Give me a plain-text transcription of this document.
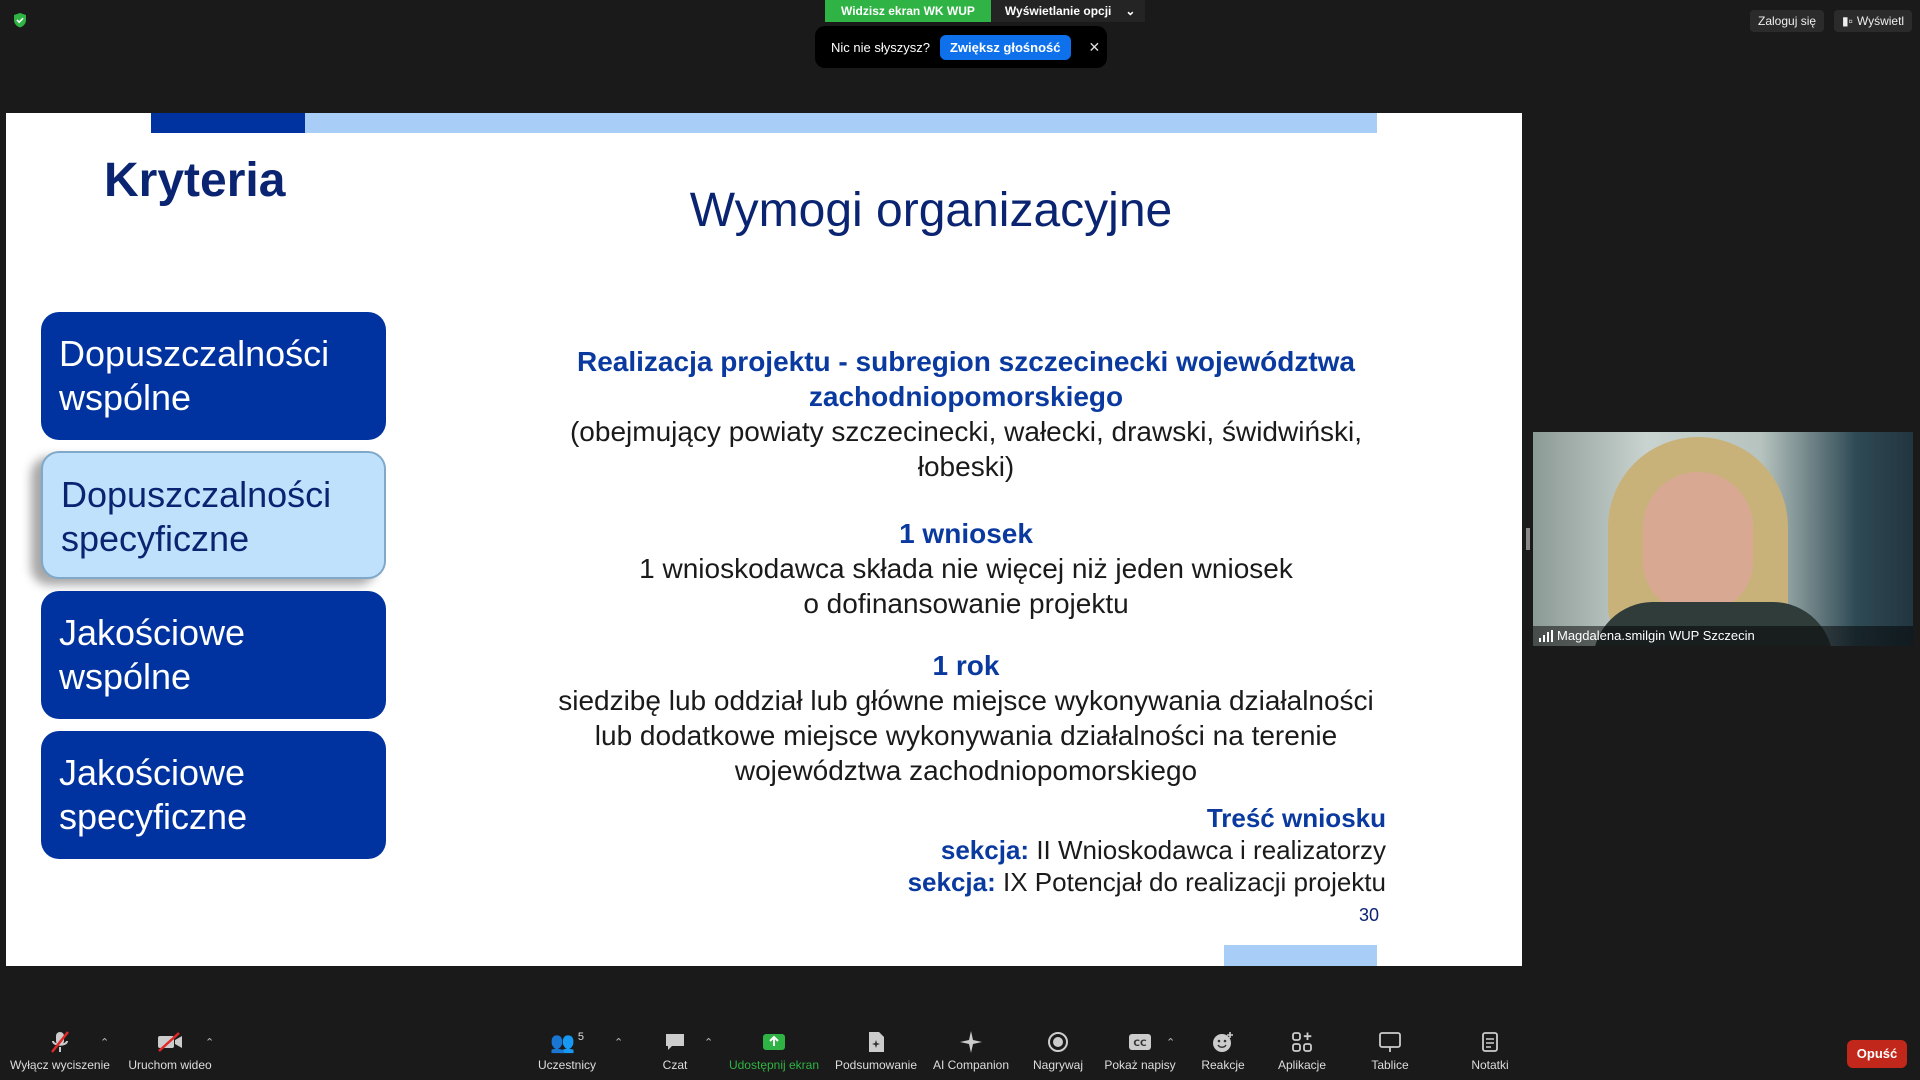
Widzisz ekran WK WUP	Wyświetlanie opcji ⌄
Nic nie słyszysz?	Zwiększ głośność	✕
Zaloguj się	▮▫ Wyświetl
Kryteria
Wymogi organizacyjne
Dopuszczalności
wspólne
Dopuszczalności
specyficzne
Jakościowe
wspólne
Jakościowe
specyficzne
Realizacja projektu - subregion szczecinecki województwa
zachodniopomorskiego
(obejmujący powiaty szczecinecki, wałecki, drawski, świdwiński,
łobeski)
1 wniosek
1 wnioskodawca składa nie więcej niż jeden wniosek
o dofinansowanie projektu
1 rok
siedzibę lub oddział lub główne miejsce wykonywania działalności
lub dodatkowe miejsce wykonywania działalności na terenie
województwa zachodniopomorskiego
Treść wniosku
sekcja: II Wnioskodawca i realizatorzy
sekcja: IX Potencjał do realizacji projektu
30
Magdalena.smilgin WUP Szczecin
Wyłącz wyciszenie
⌃
Uruchom wideo
⌃	👥 5
Uczestnicy
⌃
Czat
⌃
Udostępnij ekran	Podsumowanie	AI Companion	Nagrywaj
CC
Pokaż napisy
⌃
Reakcje	Aplikacje	Tablice	Notatki
Opuść
